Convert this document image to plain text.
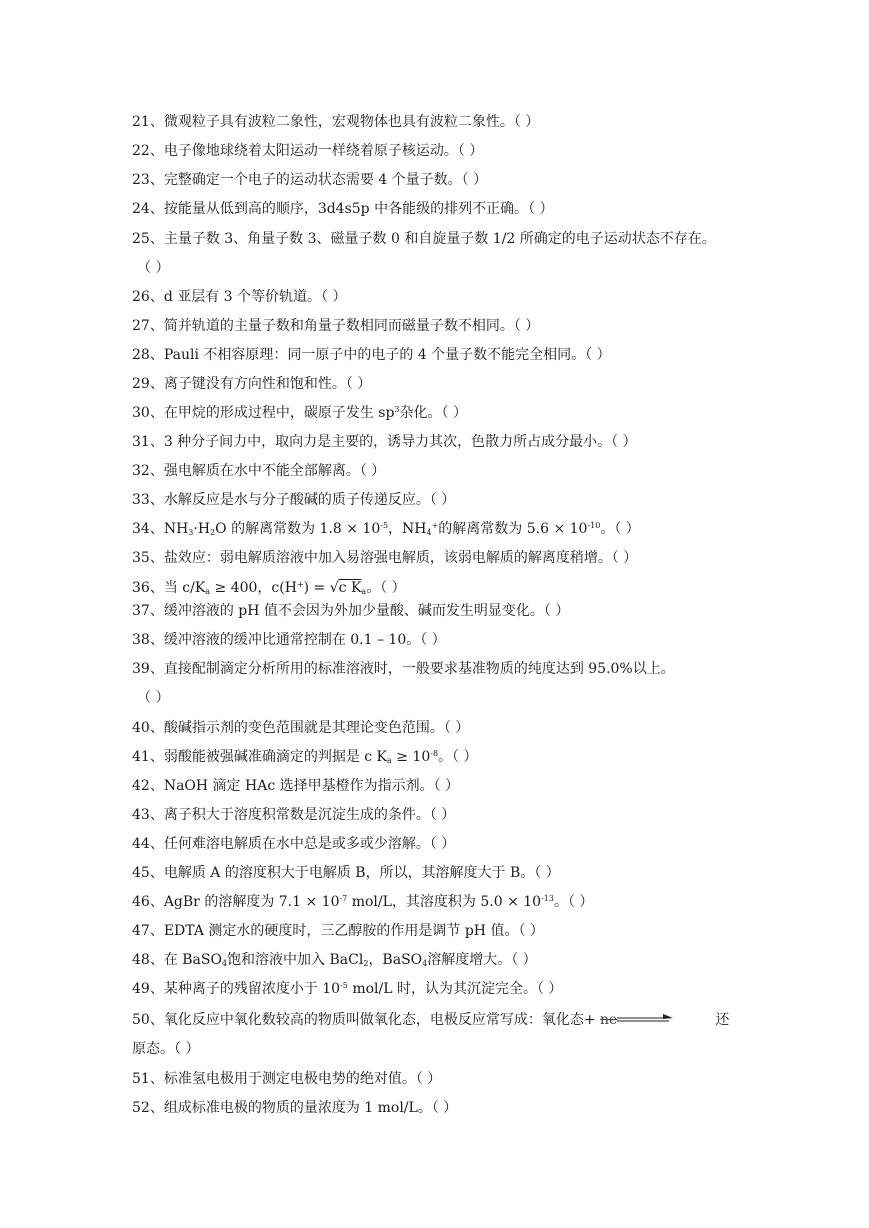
21、微观粒子具有波粒二象性，宏观物体也具有波粒二象性。（ ）
22、电子像地球绕着太阳运动一样绕着原子核运动。（ ）
23、完整确定一个电子的运动状态需要 4 个量子数。（ ）
24、按能量从低到高的顺序，3d4s5p 中各能级的排列不正确。（ ）
25、主量子数 3、角量子数 3、磁量子数 0 和自旋量子数 1/2 所确定的电子运动状态不存在。
（ ）
26、d 亚层有 3 个等价轨道。（ ）
27、简并轨道的主量子数和角量子数相同而磁量子数不相同。（ ）
28、Pauli 不相容原理：同一原子中的电子的 4 个量子数不能完全相同。（ ）
29、离子键没有方向性和饱和性。（ ）
30、在甲烷的形成过程中，碳原子发生 $sp^3$杂化。（ ）
31、3 种分子间力中，取向力是主要的，诱导力其次，色散力所占成分最小。（ ）
32、强电解质在水中不能全部解离。（ ）
33、水解反应是水与分子酸碱的质子传递反应。（ ）
34、$NH_3\cdot H_2O$ 的解离常数为 $1.8 \times 10^{-5}$，$NH_4^+$的解离常数为 $5.6 \times 10^{-10}$。（ ）
35、盐效应：弱电解质溶液中加入易溶强电解质，该弱电解质的解离度稍增。（ ）
36、当 $c/K_a \ge 400$，c(H+) = √c $K_a$。（ ）
37、缓冲溶液的 pH 值不会因为外加少量酸、碱而发生明显变化。（ ）
38、缓冲溶液的缓冲比通常控制在 0.1 – 10。（ ）
39、直接配制滴定分析所用的标准溶液时，一般要求基准物质的纯度达到 95.0%以上。
（ ）
40、酸碱指示剂的变色范围就是其理论变色范围。（ ）
41、弱酸能被强碱准确滴定的判据是 c $K_a \ge 10^{-8}$。（ ）
42、NaOH 滴定 HAc 选择甲基橙作为指示剂。（ ）
43、离子积大于溶度积常数是沉淀生成的条件。（ ）
44、任何难溶电解质在水中总是或多或少溶解。（ ）
45、电解质 A 的溶度积大于电解质 B，所以，其溶解度大于 B。（ ）
46、AgBr 的溶解度为 $7.1 \times 10^{-7}$ mol/L，其溶度积为 $5.0 \times 10^{-13}$。（ ）
47、EDTA 测定水的硬度时，三乙醇胺的作用是调节 pH 值。（ ）
48、在 BaSO$_4$饱和溶液中加入 BaCl$_2$，BaSO$_4$溶解度增大。（ ）
49、某种离子的残留浓度小于 $10^{-5}$ mol/L 时，认为其沉淀完全。（ ）
50、氧化反应中氧化数较高的物质叫做氧化态，电极反应常写成：氧化态+ ne	还
原态。（ ）
51、标准氢电极用于测定电极电势的绝对值。（ ）
52、组成标准电极的物质的量浓度为 1 mol/L。（ ）
